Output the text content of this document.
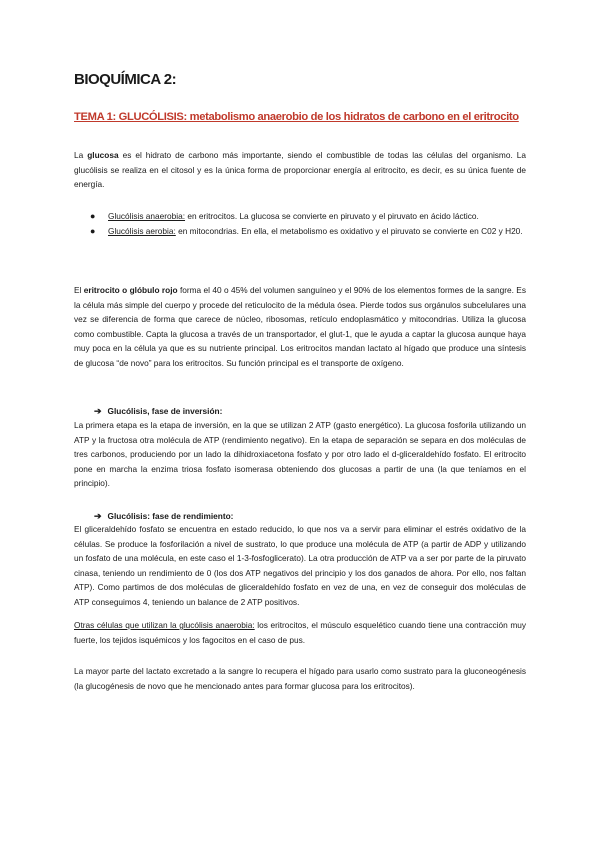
BIOQUÍMICA 2:
TEMA 1: GLUCÓLISIS: metabolismo anaerobio de los hidratos de carbono en el eritrocito

La glucosa es el hidrato de carbono más importante, siendo el combustible de todas las células del organismo. La glucólisis se realiza en el citosol y es la única forma de proporcionar energía al eritrocito, es decir, es su única fuente de energía.

● Glucólisis anaerobia: en eritrocitos. La glucosa se convierte en piruvato y el piruvato en ácido láctico.
● Glucólisis aerobia: en mitocondrias. En ella, el metabolismo es oxidativo y el piruvato se convierte en C02 y H20.

El eritrocito o glóbulo rojo forma el 40 o 45% del volumen sanguíneo y el 90% de los elementos formes de la sangre. Es la célula más simple del cuerpo y procede del reticulocito de la médula ósea. Pierde todos sus orgánulos subcelulares una vez se diferencia de forma que carece de núcleo, ribosomas, retículo endoplasmático y mitocondrias. Utiliza la glucosa como combustible. Capta la glucosa a través de un transportador, el glut-1, que le ayuda a captar la glucosa aunque haya muy poca en la célula ya que es su nutriente principal. Los eritrocitos mandan lactato al hígado que produce una síntesis de glucosa “de novo” para los eritrocitos. Su función principal es el transporte de oxígeno.

➔ Glucólisis, fase de inversión:

La primera etapa es la etapa de inversión, en la que se utilizan 2 ATP (gasto energético). La glucosa fosforila utilizando un ATP y la fructosa otra molécula de ATP (rendimiento negativo). En la etapa de separación se separa en dos moléculas de tres carbonos, produciendo por un lado la dihidroxiacetona fosfato y por otro lado el d-gliceraldehído fosfato. El eritrocito pone en marcha la enzima triosa fosfato isomerasa obteniendo dos glucosas a partir de una (la que teníamos en el principio).

➔ Glucólisis: fase de rendimiento:

El gliceraldehído fosfato se encuentra en estado reducido, lo que nos va a servir para eliminar el estrés oxidativo de la células. Se produce la fosforilación a nivel de sustrato, lo que produce una molécula de ATP (a partir de ADP y utilizando un fosfato de una molécula, en este caso el 1-3-fosfoglicerato). La otra producción de ATP va a ser por parte de la piruvato cinasa, teniendo un rendimiento de 0 (los dos ATP negativos del principio y los dos ganados de ahora. Por ello, nos faltan ATP). Como partimos de dos moléculas de gliceraldehído fosfato en vez de una, en vez de conseguir dos moléculas de ATP conseguimos 4, teniendo un balance de 2 ATP positivos.

Otras células que utilizan la glucólisis anaerobia: los eritrocitos, el músculo esquelético cuando tiene una contracción muy fuerte, los tejidos isquémicos y los fagocitos en el caso de pus.

La mayor parte del lactato excretado a la sangre lo recupera el hígado para usarlo como sustrato para la gluconeogénesis (la glucogénesis de novo que he mencionado antes para formar glucosa para los eritrocitos).
